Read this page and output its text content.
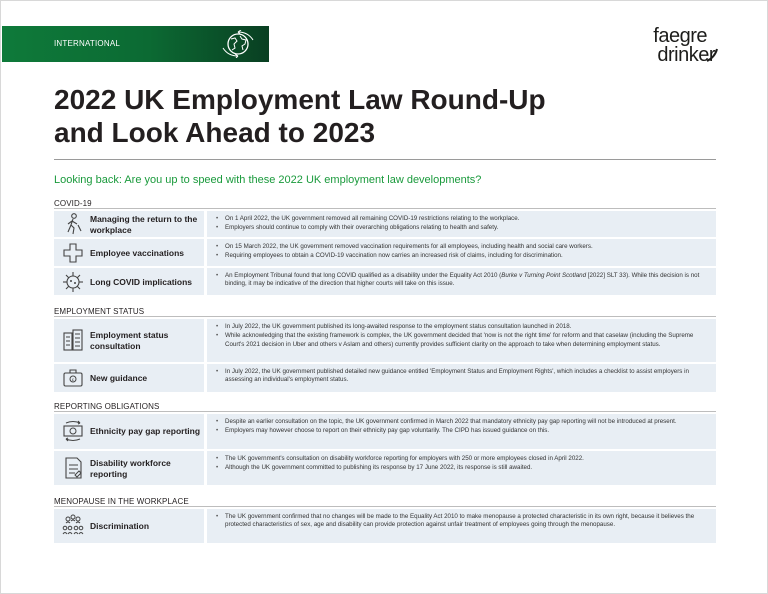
INTERNATIONAL	faegre
drinker
2022 UK Employment Law Round-Up
and Look Ahead to 2023
Looking back: Are you up to speed with these 2022 UK employment law developments?
COVID-19
Managing the return to the workplace
• On 1 April 2022, the UK government removed all remaining COVID-19 restrictions relating to the workplace.
• Employers should continue to comply with their overarching obligations relating to health and safety.
Employee vaccinations
• On 15 March 2022, the UK government removed vaccination requirements for all employees, including health and social care workers.
• Requiring employees to obtain a COVID-19 vaccination now carries an increased risk of claims, including for discrimination.
Long COVID implications
• An Employment Tribunal found that long COVID qualified as a disability under the Equality Act 2010 (Burke v Turning Point Scotland [2022] SLT 33). While this decision is not binding, it may be indicative of the direction that higher courts will take on this issue.
EMPLOYMENT STATUS
Employment status consultation
• In July 2022, the UK government published its long-awaited response to the employment status consultation launched in 2018.
• While acknowledging that the existing framework is complex, the UK government decided that 'now is not the right time' for reform and that caselaw (including the Supreme Court's 2021 decision in Uber and others v Aslam and others) currently provides sufficient clarity on the approach to take when determining employment status.
£ New guidance
• In July 2022, the UK government published detailed new guidance entitled 'Employment Status and Employment Rights', which includes a checklist to assist employers in assessing an individual's employment status.
REPORTING OBLIGATIONS
Ethnicity pay gap reporting
• Despite an earlier consultation on the topic, the UK government confirmed in March 2022 that mandatory ethnicity pay gap reporting will not be introduced at present.
• Employers may however choose to report on their ethnicity pay gap voluntarily. The CIPD has issued guidance on this.
Disability workforce reporting
• The UK government's consultation on disability workforce reporting for employers with 250 or more employees closed in April 2022.
• Although the UK government committed to publishing its response by 17 June 2022, its response is still awaited.
MENOPAUSE IN THE WORKPLACE
Discrimination
• The UK government confirmed that no changes will be made to the Equality Act 2010 to make menopause a protected characteristic in its own right, because it believes the protected characteristics of sex, age and disability can provide protection against unfair treatment of employees going through the menopause.
